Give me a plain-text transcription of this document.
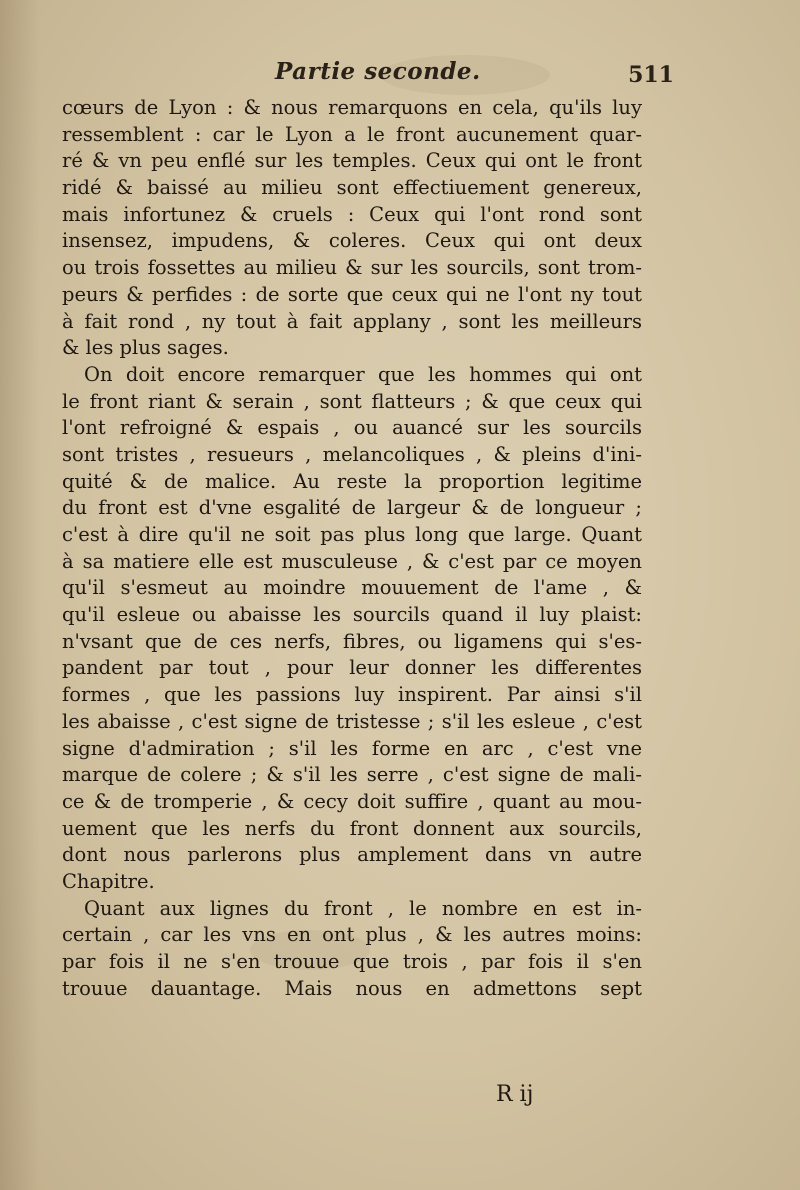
Partie seconde.	511
cœurs de Lyon : & nous remarquons en cela, qu'ils luy
ressemblent : car le Lyon a le front aucunement quar-
ré & vn peu enflé sur les temples. Ceux qui ont le front
ridé & baissé au milieu sont effectiuement genereux,
mais infortunez & cruels : Ceux qui l'ont rond sont
insensez, impudens, & coleres. Ceux qui ont deux
ou trois fossettes au milieu & sur les sourcils, sont trom-
peurs & perfides : de sorte que ceux qui ne l'ont ny tout
à fait rond , ny tout à fait applany , sont les meilleurs
& les plus sages.
On doit encore remarquer que les hommes qui ont
le front riant & serain , sont flatteurs ; & que ceux qui
l'ont refroigné & espais , ou auancé sur les sourcils
sont tristes , resueurs , melancoliques , & pleins d'ini-
quité & de malice. Au reste la proportion legitime
du front est d'vne esgalité de largeur & de longueur ;
c'est à dire qu'il ne soit pas plus long que large. Quant
à sa matiere elle est musculeuse , & c'est par ce moyen
qu'il s'esmeut au moindre mouuement de l'ame , &
qu'il esleue ou abaisse les sourcils quand il luy plaist:
n'vsant que de ces nerfs, fibres, ou ligamens qui s'es-
pandent par tout , pour leur donner les differentes
formes , que les passions luy inspirent. Par ainsi s'il
les abaisse , c'est signe de tristesse ; s'il les esleue , c'est
signe d'admiration ; s'il les forme en arc , c'est vne
marque de colere ; & s'il les serre , c'est signe de mali-
ce & de tromperie , & cecy doit suffire , quant au mou-
uement que les nerfs du front donnent aux sourcils,
dont nous parlerons plus amplement dans vn autre
Chapitre.
Quant aux lignes du front , le nombre en est in-
certain , car les vns en ont plus , & les autres moins:
par fois il ne s'en trouue que trois , par fois il s'en
trouue dauantage. Mais nous en admettons sept
R ij
